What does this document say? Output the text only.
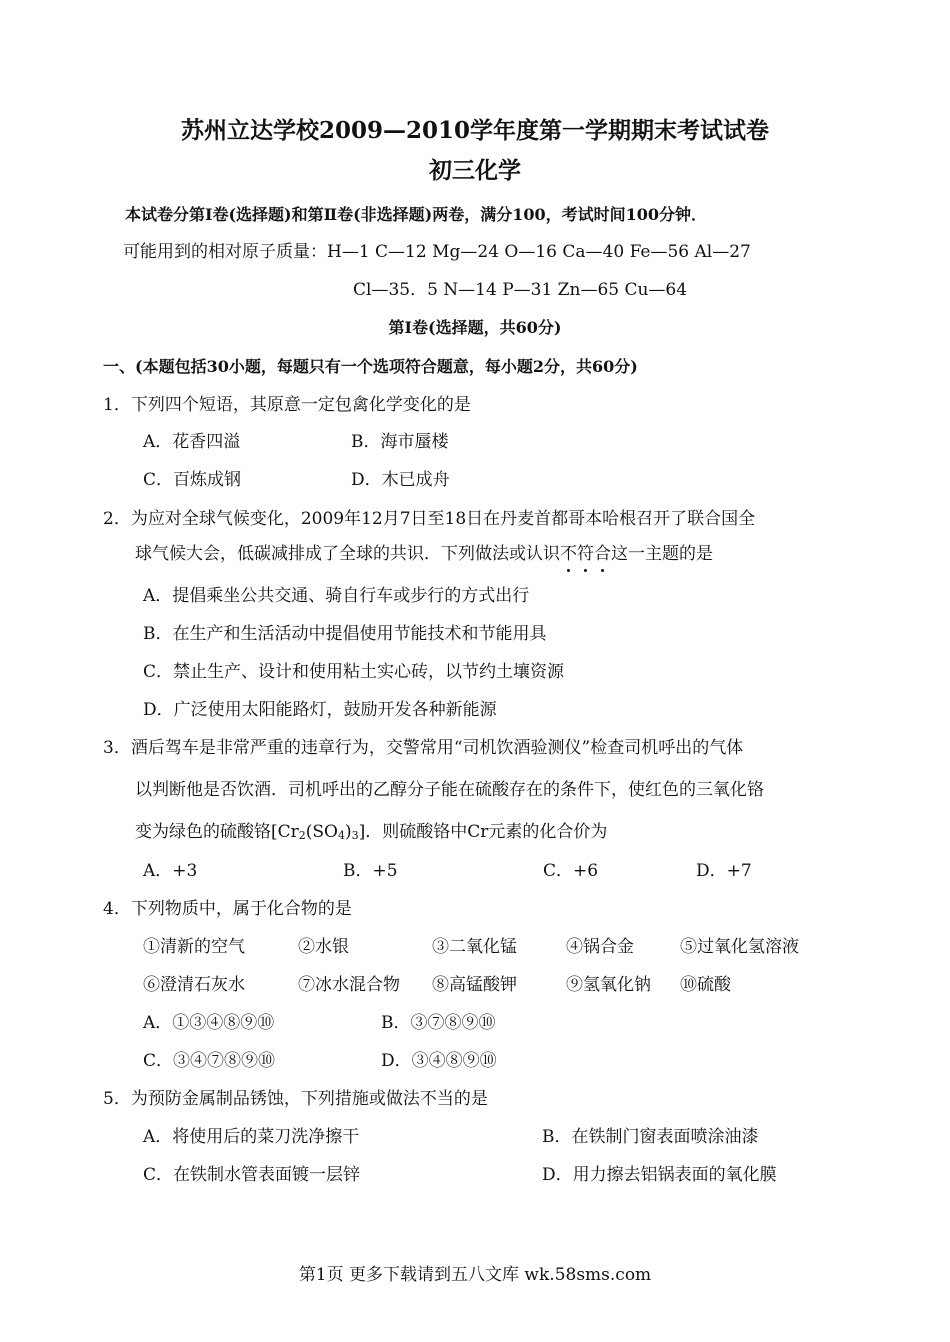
苏州立达学校2009—2010学年度第一学期期末考试试卷
初三化学
本试卷分第Ⅰ卷(选择题)和第Ⅱ卷(非选择题)两卷，满分100，考试时间100分钟．
可能用到的相对原子质量：H—1 C—12 Mg—24 O—16 Ca—40 Fe—56 Al—27
Cl—35．5 N—14 P—31 Zn—65 Cu—64
第Ⅰ卷(选择题，共60分)
一、(本题包括30小题，每题只有一个选项符合题意，每小题2分，共60分)
1．下列四个短语，其原意一定包禽化学变化的是
A．花香四溢	B．海市蜃楼
C．百炼成钢	D．木已成舟
2．为应对全球气候变化，2009年12月7日至18日在丹麦首都哥本哈根召开了联合国全
球气候大会，低碳减排成了全球的共识．下列做法或认识不符合这一主题的是
A．提倡乘坐公共交通、骑自行车或步行的方式出行
B．在生产和生活活动中提倡使用节能技术和节能用具
C．禁止生产、设计和使用粘土实心砖，以节约土壤资源
D．广泛使用太阳能路灯，鼓励开发各种新能源
3．酒后驾车是非常严重的违章行为，交警常用“司机饮酒验测仪”检查司机呼出的气体
以判断他是否饮酒．司机呼出的乙醇分子能在硫酸存在的条件下，使红色的三氧化铬
变为绿色的硫酸铬$[Cr_2(SO_4)_3]$．则硫酸铬中Cr元素的化合价为
A．+3	B．+5	C．+6	D．+7
4．下列物质中，属于化合物的是
①清新的空气	②水银	③二氧化锰	④锅合金	⑤过氧化氢溶液
⑥澄清石灰水	⑦冰水混合物 ⑧高锰酸钾	⑨氢氧化钠 ⑩硫酸
A．①③④⑧⑨⑩	B．③⑦⑧⑨⑩
C．③④⑦⑧⑨⑩	D．③④⑧⑨⑩
5．为预防金属制品锈蚀，下列措施或做法不当的是
A．将使用后的菜刀洗净擦干	B．在铁制门窗表面喷涂油漆
C．在铁制水管表面镀一层锌	D．用力擦去铝锅表面的氧化膜
第1页 更多下载请到五八文库 wk.58sms.com
